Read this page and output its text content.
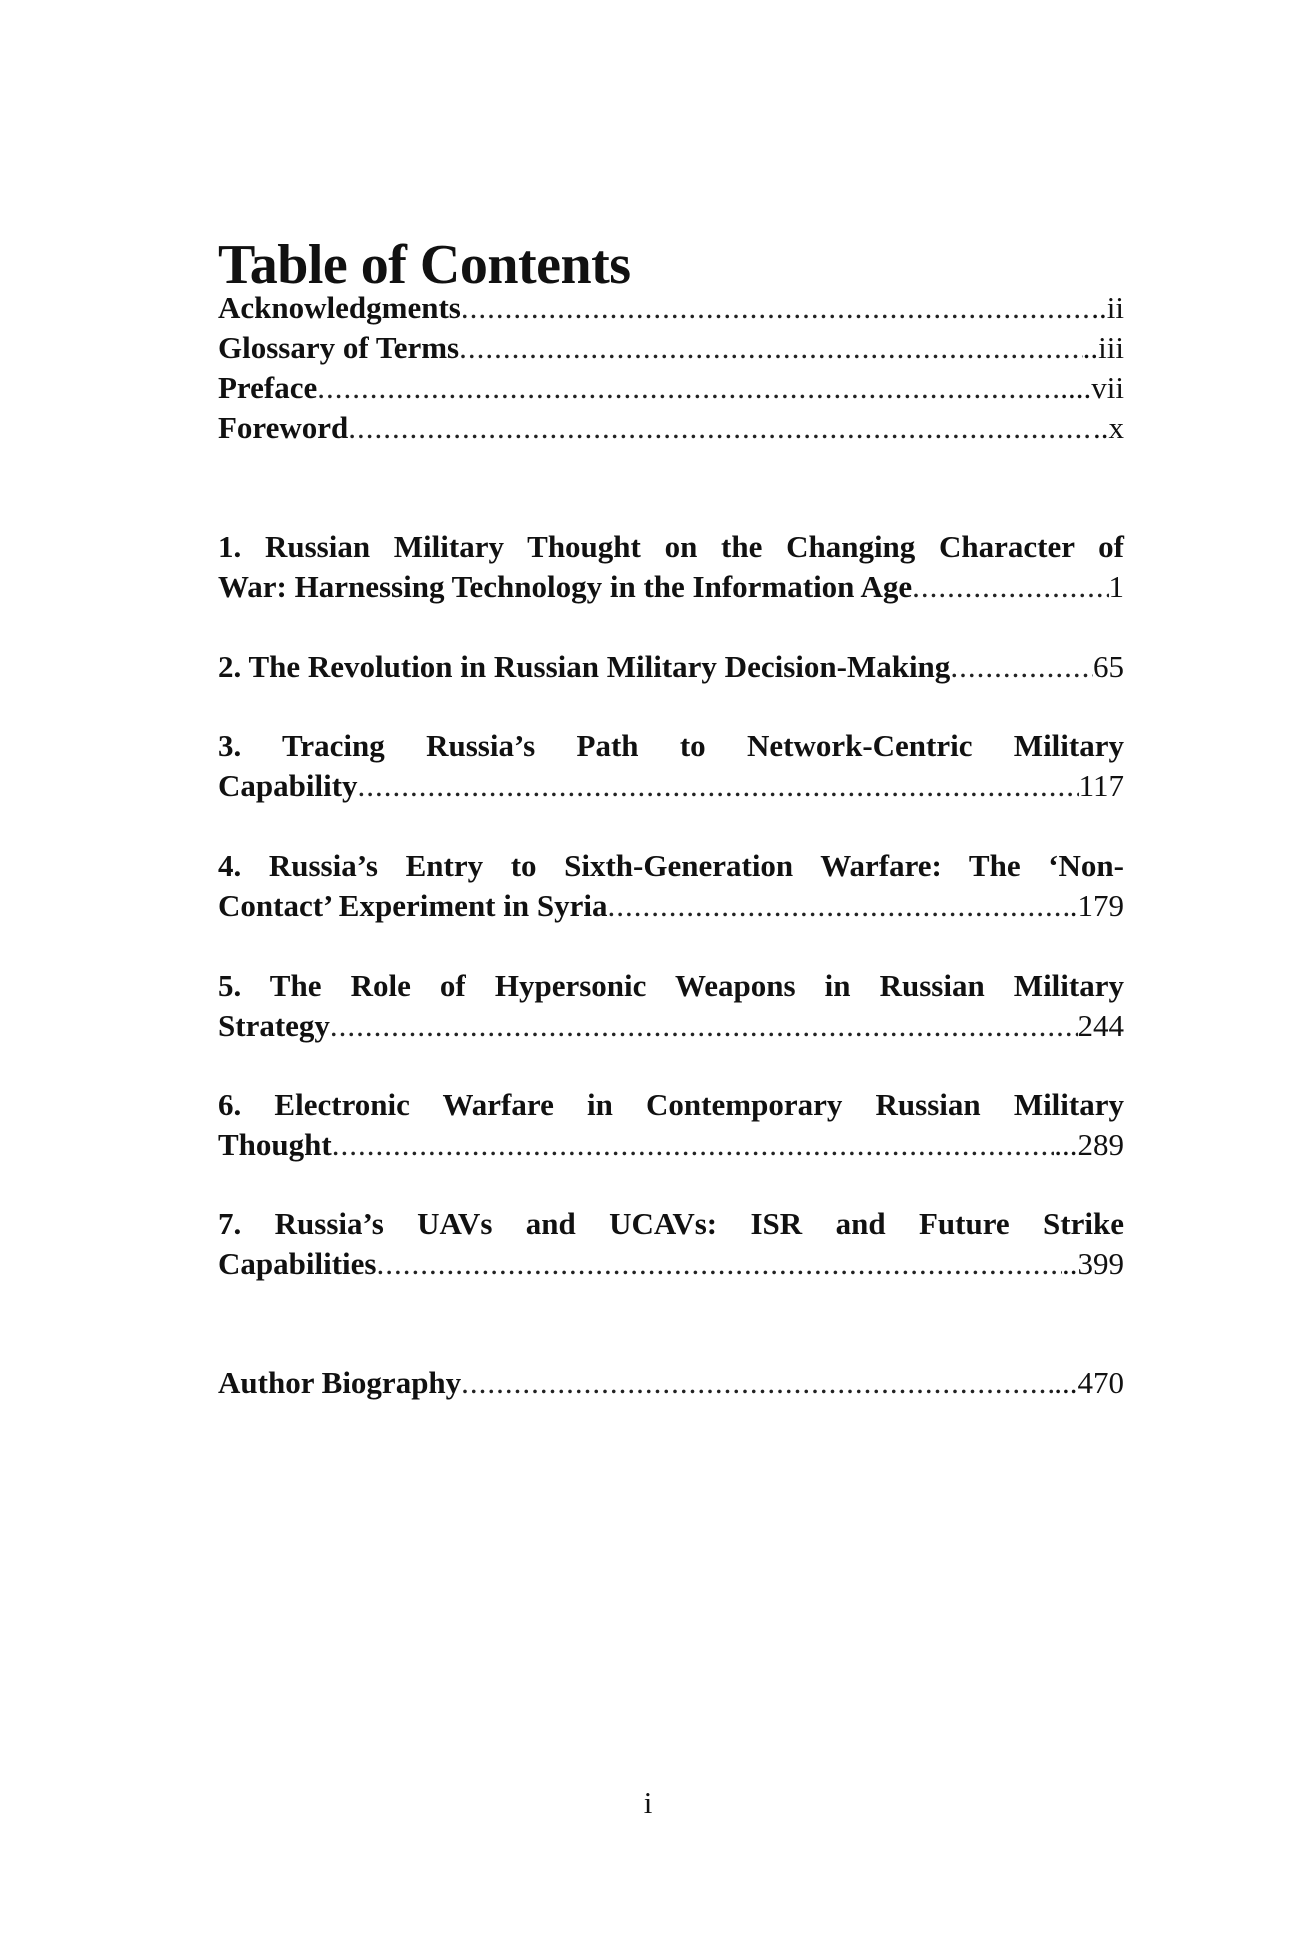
Table of Contents
Acknowledgments .....	..ii
Glossary of Terms .....	..iii
Preface .....	....vii
Foreword .....	..x
1. Russian Military Thought on the Changing Character of
War: Harnessing Technology in the Information Age .....	1
2. The Revolution in Russian Military Decision-Making .....	65
3. Tracing Russia’s Path to Network-Centric Military
Capability .....	117
4. Russia’s Entry to Sixth-Generation Warfare: The ‘Non-
Contact’ Experiment in Syria .....	.179
5. The Role of Hypersonic Weapons in Russian Military
Strategy .....	244
6. Electronic Warfare in Contemporary Russian Military
Thought .....	...289
7. Russia’s UAVs and UCAVs: ISR and Future Strike
Capabilities .....	..399
Author Biography .....	...470
i
